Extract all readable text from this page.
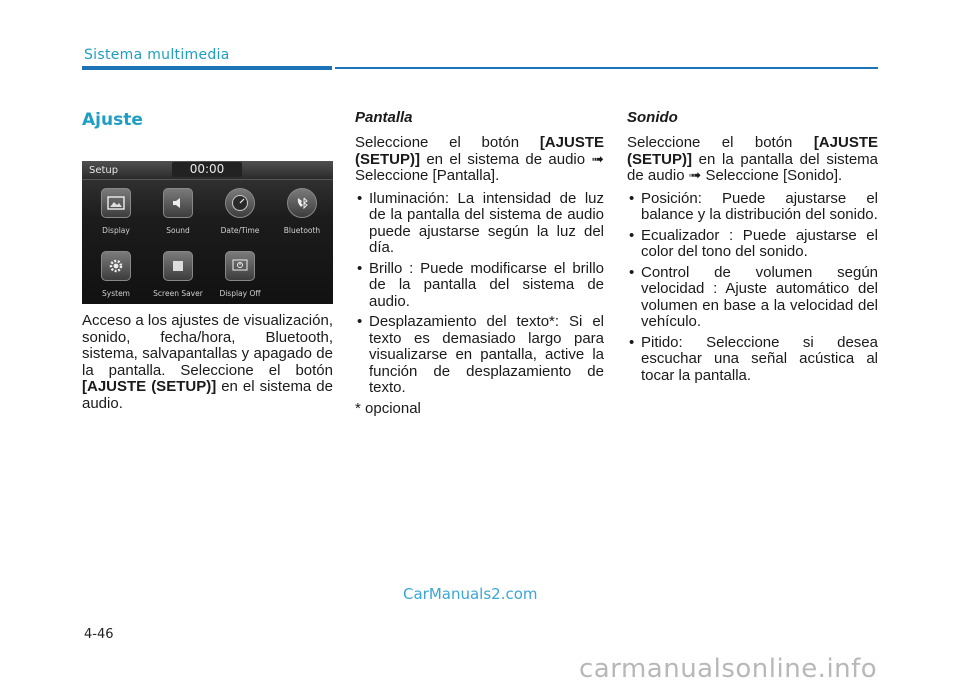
Sistema multimedia
Ajuste
Setup	00:00
Display	Sound	Date/Time	Bluetooth
System	Screen Saver	Display Off

Acceso a los ajustes de visualización, sonido, fecha/hora, Bluetooth, sistema, salvapantallas y apagado de la pantalla. Seleccione el botón [AJUSTE (SETUP)] en el sistema de audio.

Pantalla

Seleccione el botón [AJUSTE (SETUP)] en el sistema de audio ➟ Seleccione [Pantalla].

• Iluminación: La intensidad de luz de la pantalla del sistema de audio puede ajustarse según la luz del día.
• Brillo : Puede modificarse el brillo de la pantalla del sistema de audio.
• Desplazamiento del texto*: Si el texto es demasiado largo para visualizarse en pantalla, active la función de desplazamiento de texto.
* opcional
Sonido

Seleccione el botón [AJUSTE (SETUP)] en la pantalla del sistema de audio ➟ Seleccione [Sonido].

• Posición: Puede ajustarse el balance y la distribución del sonido.
• Ecualizador : Puede ajustarse el color del tono del sonido.
• Control de volumen según velocidad : Ajuste automático del volumen en base a la velocidad del vehículo.
• Pitido: Seleccione si desea escuchar una señal acústica al tocar la pantalla.
CarManuals2.com
4-46
carmanualsonline.info
